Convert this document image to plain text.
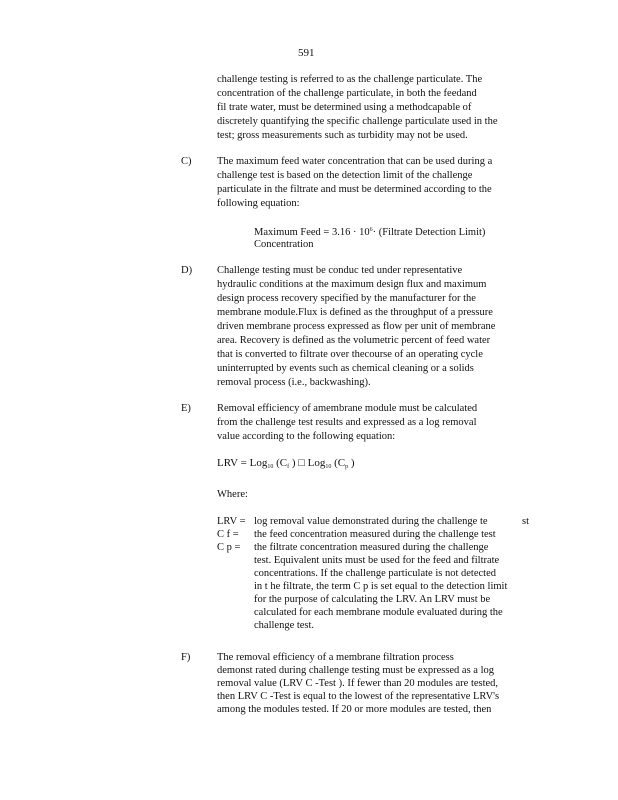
591
challenge testing is referred to as the challenge particulate. The
concentration of the challenge particulate, in both the feedand
fil trate water, must be determined using a methodcapable of
discretely quantifying the specific challenge particulate used in the
test; gross measurements such as turbidity may not be used.
C) The maximum feed water concentration that can be used during a
challenge test is based on the detection limit of the challenge
particulate in the filtrate and must be determined according to the
following equation:
Maximum Feed = $3.16 \cdot 10^6\cdot$ (Filtrate Detection Limit)
Concentration
D) Challenge testing must be conduc ted under representative
hydraulic conditions at the maximum design flux and maximum
design process recovery specified by the manufacturer for the
membrane module.Flux is defined as the throughput of a pressure
driven membrane process expressed as flow per unit of membrane
area. Recovery is defined as the volumetric percent of feed water
that is converted to filtrate over thecourse of an operating cycle
uninterrupted by events such as chemical cleaning or a solids
removal process (i.e., backwashing).
E) Removal efficiency of amembrane module must be calculated
from the challenge test results and expressed as a log removal
value according to the following equation:
LRV = Log$_{10}$ ($C_f$ ) □ Log$_{10}$ ($C_p$ )
Where:
LRV = log removal value demonstrated during the challenge te	st
C f = the feed concentration measured during the challenge test
C p = the filtrate concentration measured during the challenge
test. Equivalent units must be used for the feed and filtrate
concentrations. If the challenge particulate is not detected
in t he filtrate, the term C p is set equal to the detection limit
for the purpose of calculating the LRV. An LRV must be
calculated for each membrane module evaluated during the
challenge test.
F)	The removal efficiency of a membrane filtration process
demonst rated during challenge testing must be expressed as a log
removal value (LRV C -Test ). If fewer than 20 modules are tested,
then LRV C -Test is equal to the lowest of the representative LRV's
among the modules tested. If 20 or more modules are tested, then
